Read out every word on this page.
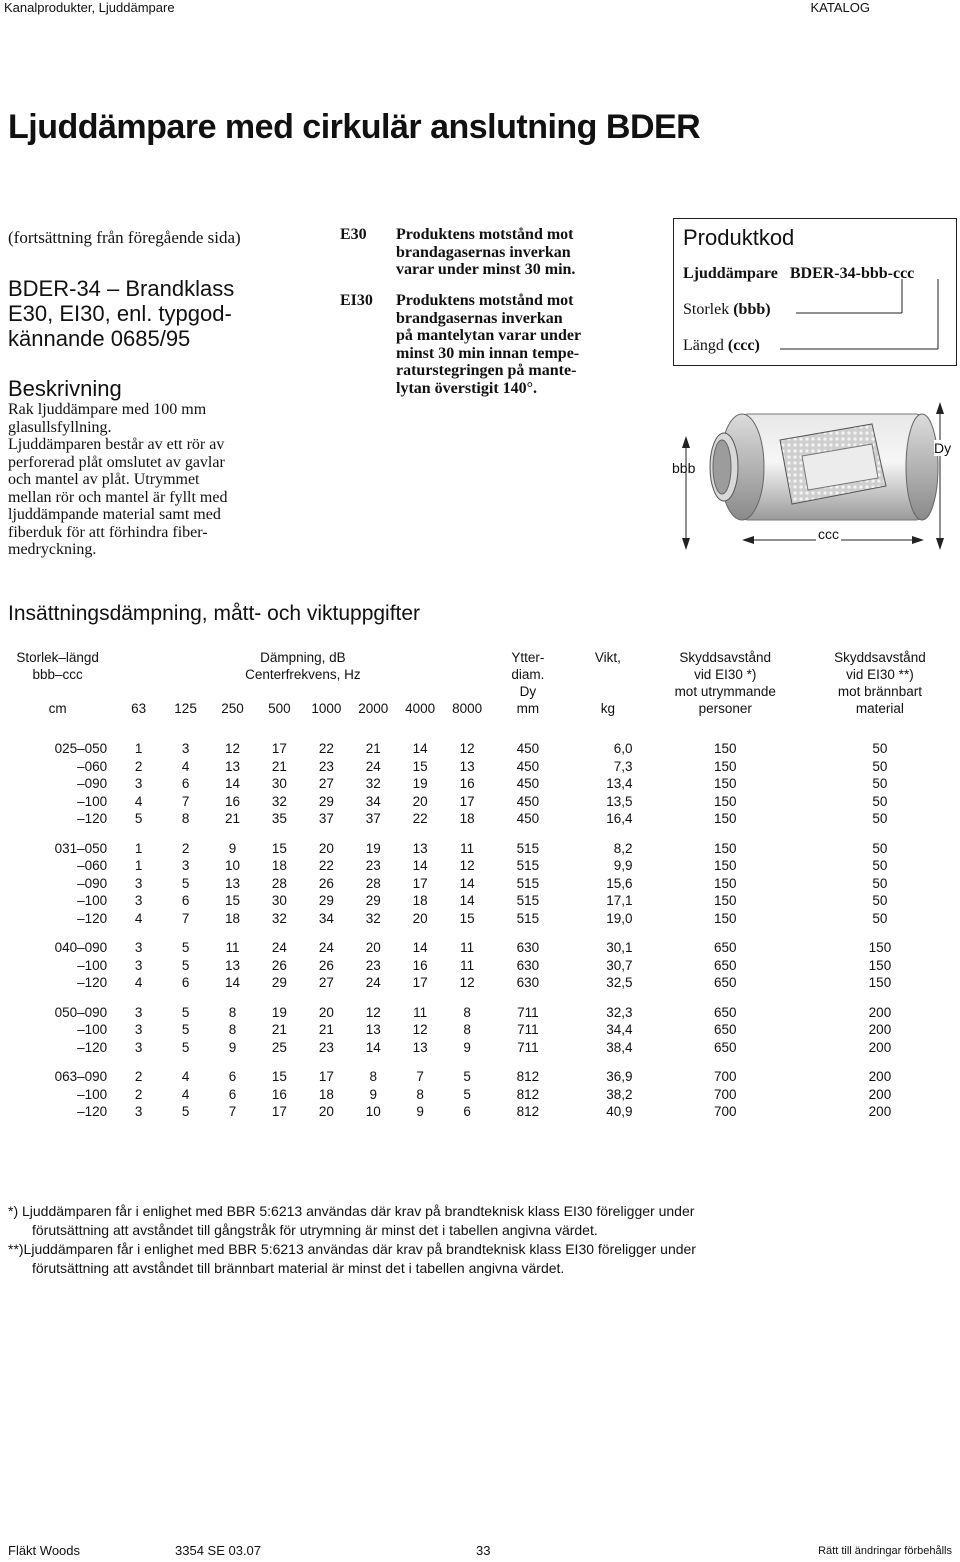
Kanalprodukter, Ljuddämpare	KATALOG
Ljuddämpare med cirkulär anslutning BDER
(fortsättning från föregående sida)
BDER-34 – Brandklass
E30, EI30, enl. typgod-
kännande 0685/95
Beskrivning
Rak ljuddämpare med 100 mm
glasullsfyllning.
Ljuddämparen består av ett rör av
perforerad plåt omslutet av gavlar
och mantel av plåt. Utrymmet
mellan rör och mantel är fyllt med
ljuddämpande material samt med
fiberduk för att förhindra fiber-
medryckning.
E30 Produktens motstånd mot
brandagasernas inverkan
varar under minst 30 min.
EI30 Produktens motstånd mot
brandgasernas inverkan
på mantelytan varar under
minst 30 min innan tempe-
raturstegringen på mante-
lytan överstigit 140°.
Produktkod
Ljuddämpare BDER-34-bbb-ccc
Storlek (bbb)
Längd (ccc)
bbb
ccc
Dy
Insättningsdämpning, mått- och viktuppgifter
Storlek–längd	Dämpning, dB								Ytter-	Vikt,	Skyddsavstånd	Skyddsavstånd
bbb–ccc	Centerfrekvens, Hz								diam.		vid EI30 *)	vid EI30 **)
									Dy		mot utrymmande	mot brännbart
cm	63	125	250	500	1000	2000	4000	8000	mm	kg	personer	material

025–050	1	3	12	17	22	21	14	12	450	6,0	150	50
–060	2	4	13	21	23	24	15	13	450	7,3	150	50
–090	3	6	14	30	27	32	19	16	450	13,4	150	50
–100	4	7	16	32	29	34	20	17	450	13,5	150	50
–120	5	8	21	35	37	37	22	18	450	16,4	150	50

031–050	1	2	9	15	20	19	13	11	515	8,2	150	50
–060	1	3	10	18	22	23	14	12	515	9,9	150	50
–090	3	5	13	28	26	28	17	14	515	15,6	150	50
–100	3	6	15	30	29	29	18	14	515	17,1	150	50
–120	4	7	18	32	34	32	20	15	515	19,0	150	50

040–090	3	5	11	24	24	20	14	11	630	30,1	650	150
–100	3	5	13	26	26	23	16	11	630	30,7	650	150
–120	4	6	14	29	27	24	17	12	630	32,5	650	150

050–090	3	5	8	19	20	12	11	8	711	32,3	650	200
–100	3	5	8	21	21	13	12	8	711	34,4	650	200
–120	3	5	9	25	23	14	13	9	711	38,4	650	200

063–090	2	4	6	15	17	8	7	5	812	36,9	700	200
–100	2	4	6	16	18	9	8	5	812	38,2	700	200
–120	3	5	7	17	20	10	9	6	812	40,9	700	200
*) Ljuddämparen får i enlighet med BBR 5:6213 användas där krav på brandteknisk klass EI30 föreligger under
förutsättning att avståndet till gångstråk för utrymning är minst det i tabellen angivna värdet.
**)Ljuddämparen får i enlighet med BBR 5:6213 användas där krav på brandteknisk klass EI30 föreligger under
förutsättning att avståndet till brännbart material är minst det i tabellen angivna värdet.
Fläkt Woods	3354 SE 03.07	33	Rätt till ändringar förbehålls
